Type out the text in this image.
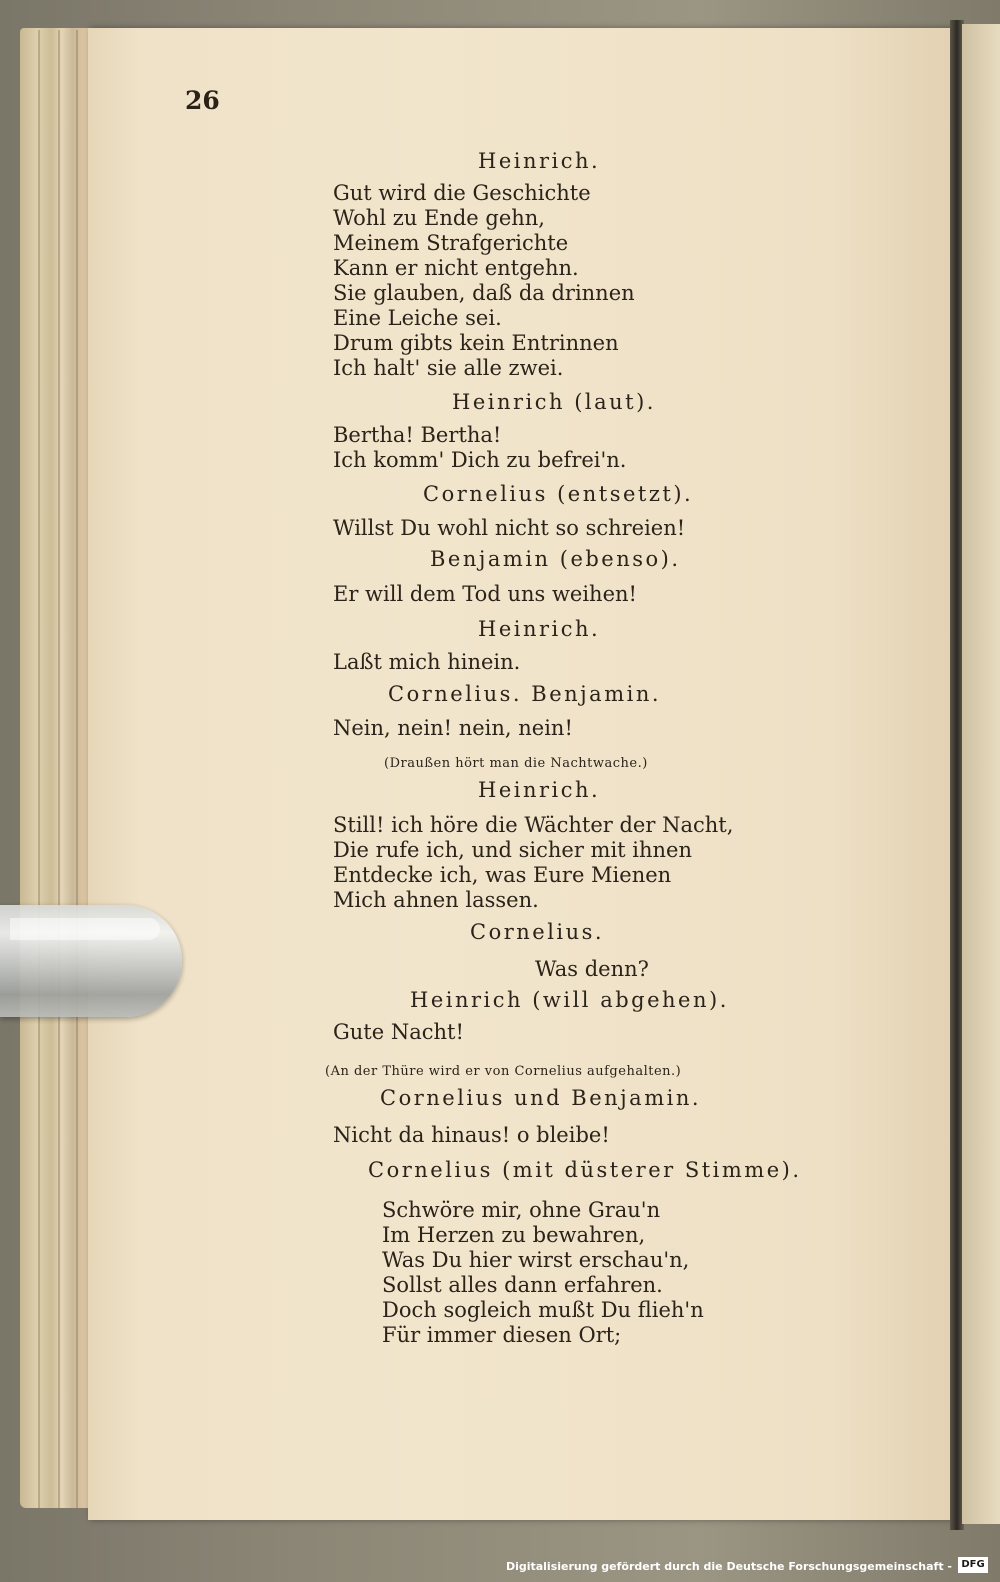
26

Heinrich.

Gut wird die Geschichte

Wohl zu Ende gehn,

Meinem Strafgerichte

Kann er nicht entgehn.

Sie glauben, daß da drinnen

Eine Leiche sei.

Drum gibts kein Entrinnen

Ich halt' sie alle zwei.

Heinrich (laut).

Bertha! Bertha!

Ich komm' Dich zu befrei'n.

Cornelius (entsetzt).

Willst Du wohl nicht so schreien!

Benjamin (ebenso).

Er will dem Tod uns weihen!

Heinrich.

Laßt mich hinein.

Cornelius. Benjamin.

Nein, nein! nein, nein!

(Draußen hört man die Nachtwache.)

Heinrich.

Still! ich höre die Wächter der Nacht,

Die rufe ich, und sicher mit ihnen

Entdecke ich, was Eure Mienen

Mich ahnen lassen.

Cornelius.

Was denn?

Heinrich (will abgehen).

Gute Nacht!

(An der Thüre wird er von Cornelius aufgehalten.)

Cornelius und Benjamin.

Nicht da hinaus! o bleibe!

Cornelius (mit düsterer Stimme).

Schwöre mir, ohne Grau'n

Im Herzen zu bewahren,

Was Du hier wirst erschau'n,

Sollst alles dann erfahren.

Doch sogleich mußt Du flieh'n

Für immer diesen Ort;

Digitalisierung gefördert durch die Deutsche Forschungsgemeinschaft - DFG
